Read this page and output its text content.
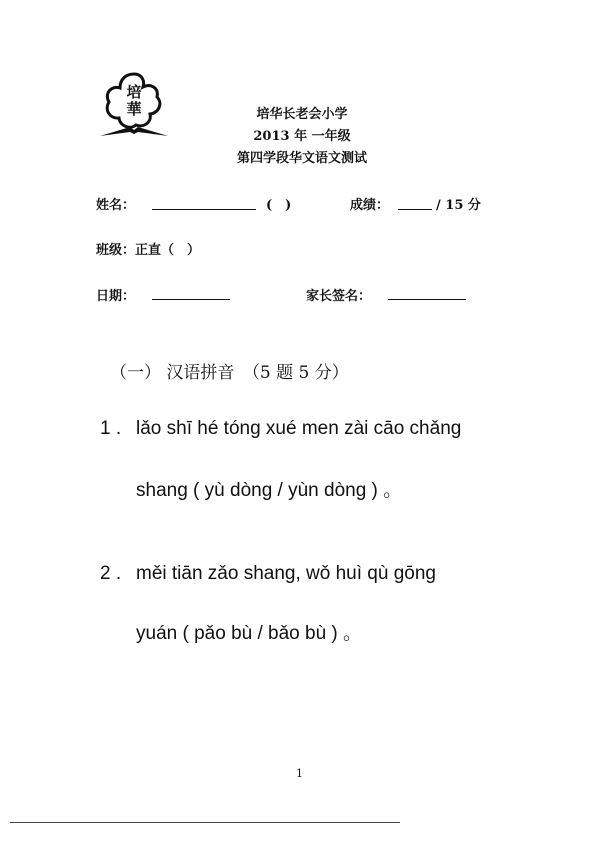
培
華	培华长老会小学
2013 年 一年级
第四学段华文语文测试
姓名：	(　)	成绩：	/ 15 分
班级：正直（　）
日期：	家长签名：
（一） 汉语拼音　（5 题 5 分）
1 . lǎo shī hé tóng xué men zài cāo chǎng
shang ( yù dòng / yùn dòng ) 。
2 . měi tiān zǎo shang, wǒ huì qù gōng
yuán ( pǎo bù / bǎo bù ) 。
1
